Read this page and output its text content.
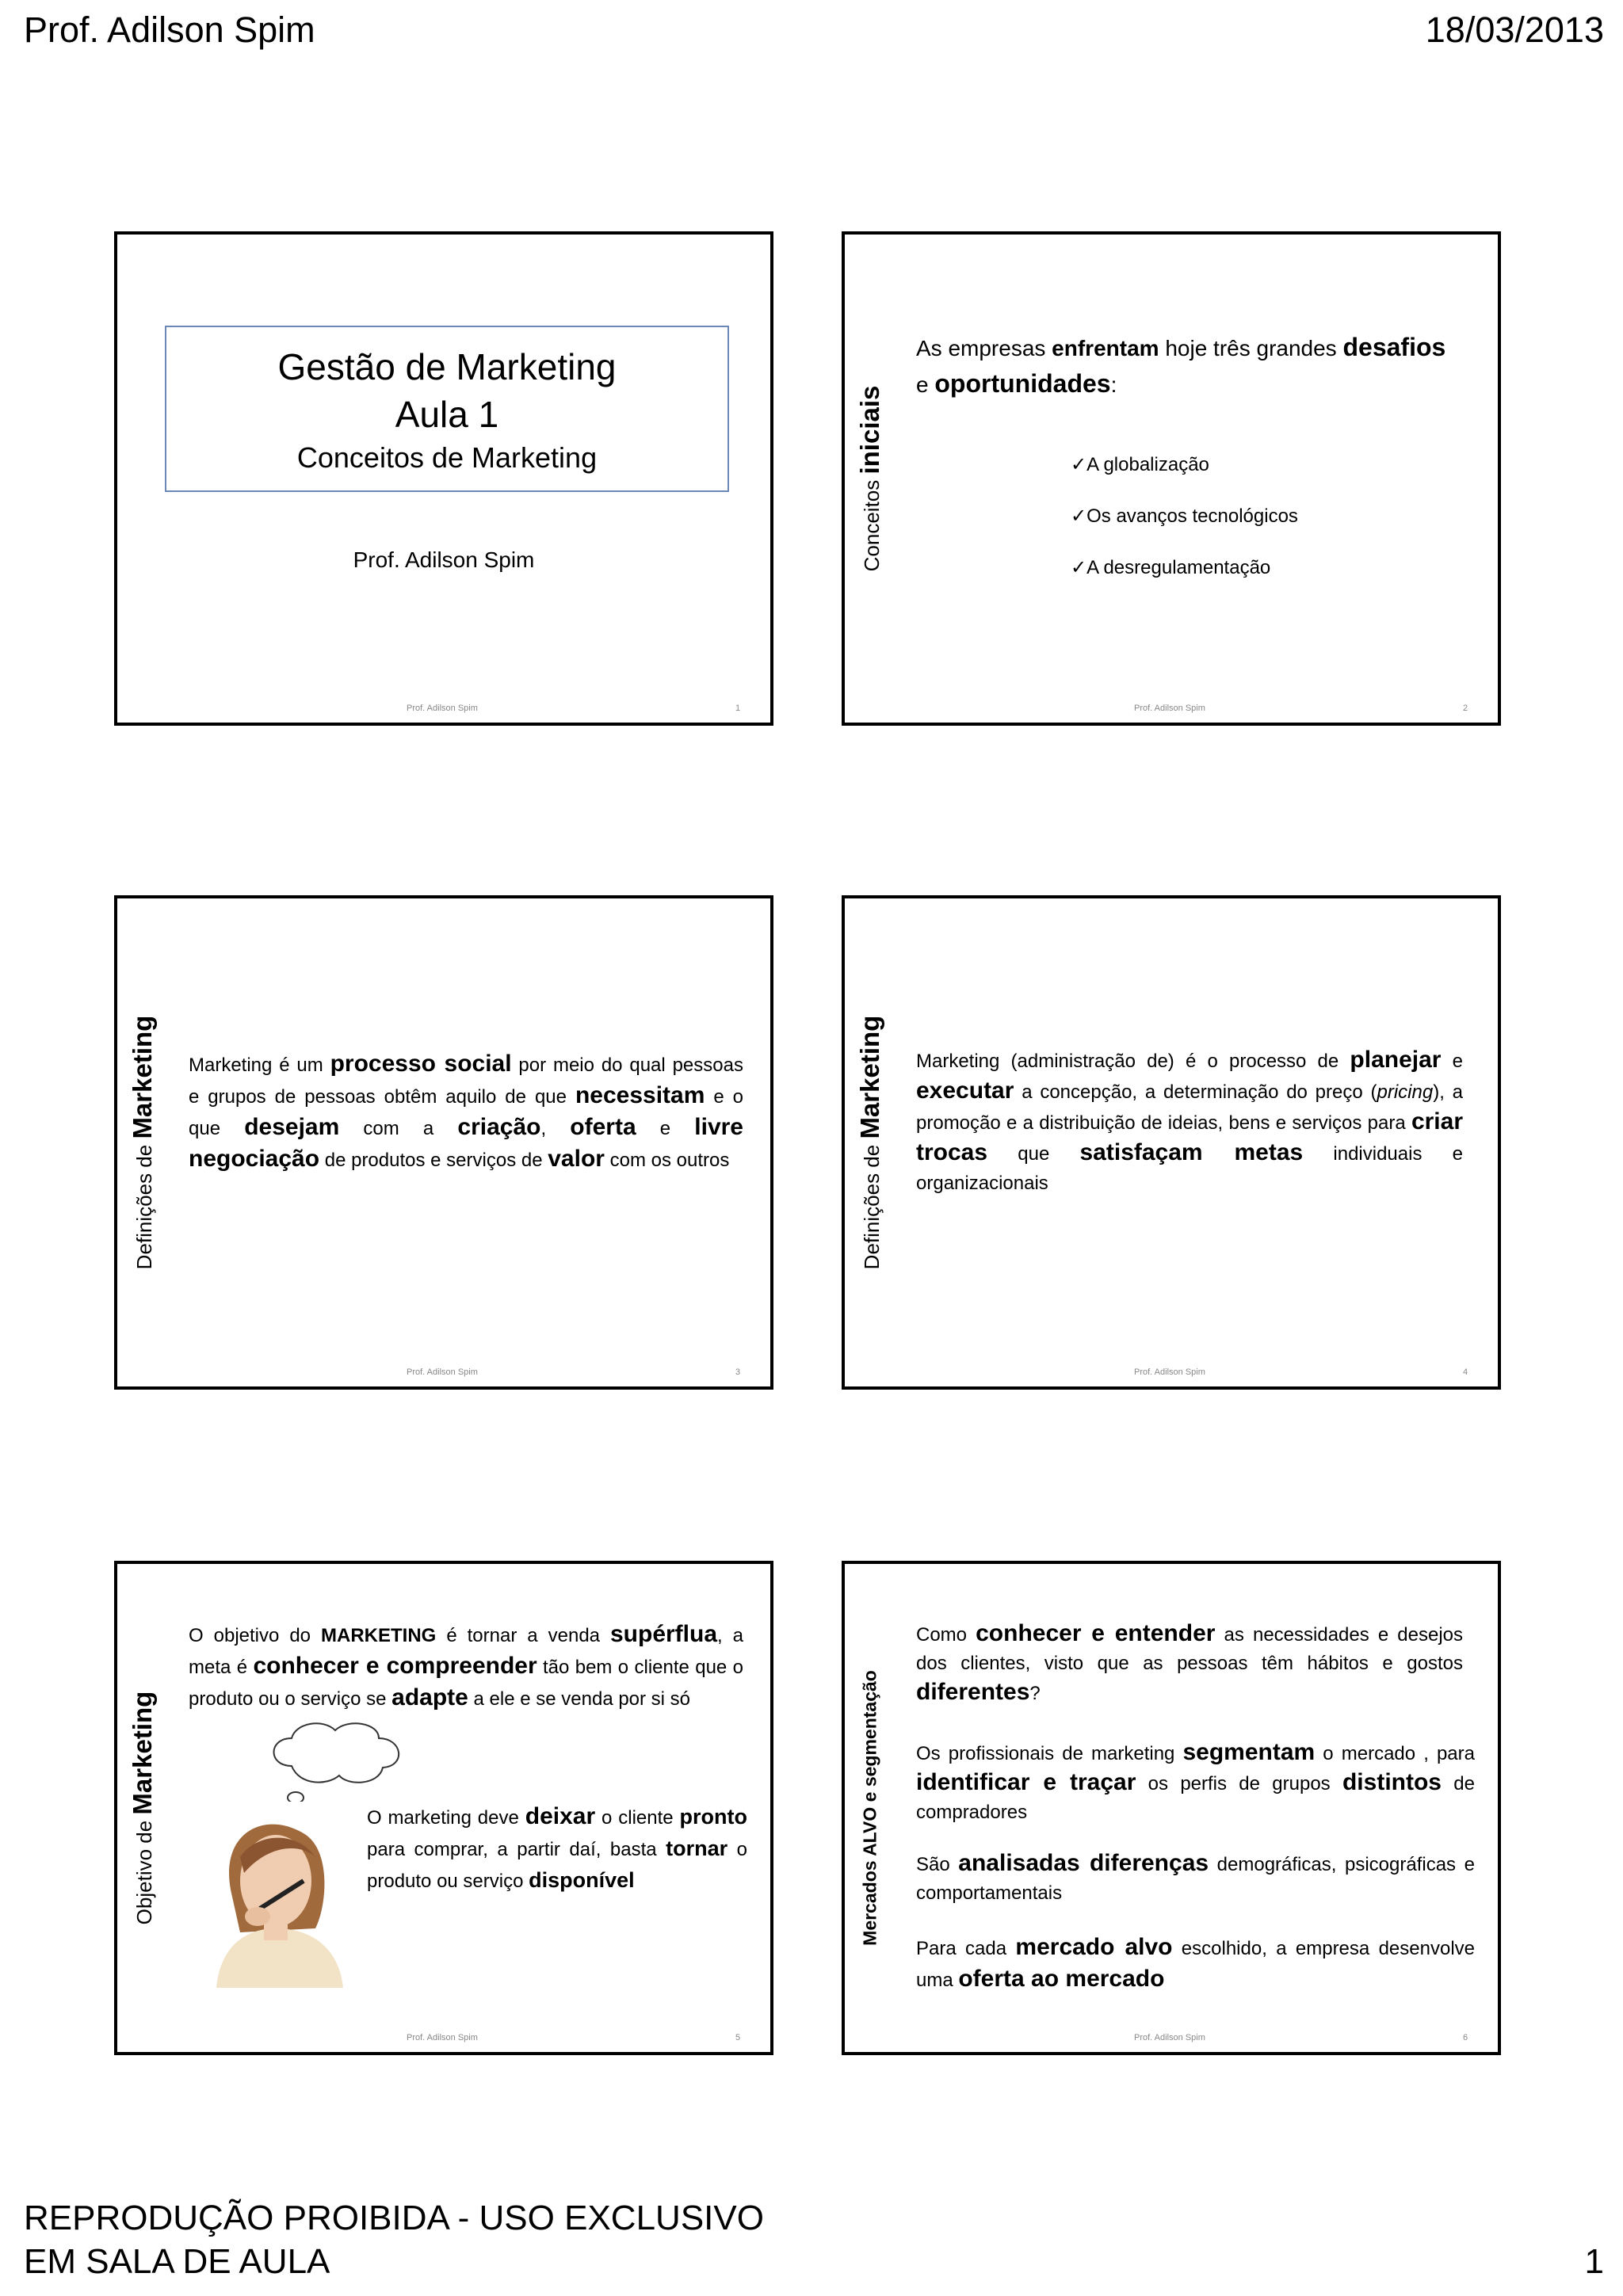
Prof. Adilson Spim	18/03/2013
Gestão de Marketing
Aula 1
Conceitos de Marketing
Prof. Adilson Spim
Prof. Adilson Spim	1
Conceitos iniciais
As empresas enfrentam hoje três grandes desafios
e oportunidades:
✓A globalização
✓Os avanços tecnológicos
✓A desregulamentação
Prof. Adilson Spim	2
Definições de Marketing Marketing é um processo social por meio do qual pessoas e grupos de pessoas obtêm aquilo de que necessitam e o que desejam com a criação, oferta e livre negociação de produtos e serviços de valor com os outros
Prof. Adilson Spim	3
Definições de Marketing Marketing (administração de) é o processo de planejar e executar a concepção, a determinação do preço (pricing), a promoção e a distribuição de ideias, bens e serviços para criar trocas que satisfaçam metas individuais e organizacionais
Prof. Adilson Spim	4
Objetivo de Marketing
O objetivo do MARKETING é tornar a venda supérflua, a meta é conhecer e compreender tão bem o cliente que o produto ou o serviço se adapte a ele e se venda por si só
O marketing deve deixar o cliente pronto para comprar, a partir daí, basta tornar o produto ou serviço disponível
Prof. Adilson Spim	5
Mercados ALVO e segmentação
Como conhecer e entender as necessidades e desejos dos clientes, visto que as pessoas têm hábitos e gostos diferentes?
Os profissionais de marketing segmentam o mercado , para identificar e traçar os perfis de grupos distintos de compradores
São analisadas diferenças demográficas, psicográficas e comportamentais
Para cada mercado alvo escolhido, a empresa desenvolve uma oferta ao mercado
Prof. Adilson Spim	6
REPRODUÇÃO PROIBIDA - USO EXCLUSIVO
EM SALA DE AULA	1
